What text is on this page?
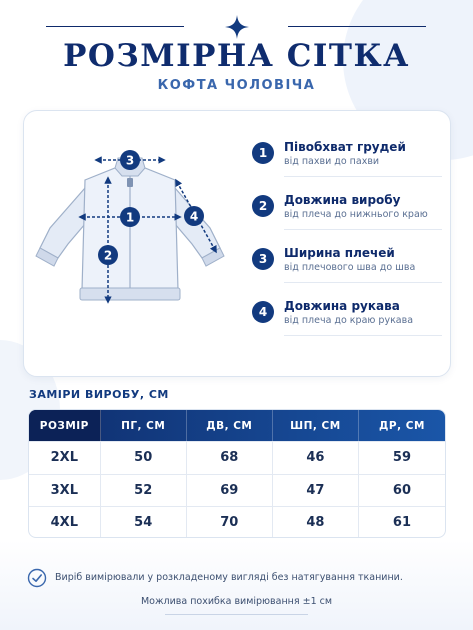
РОЗМІРНА СІТКА
КОФТА ЧОЛОВІЧА
3
1
2
4
1	Півобхват грудей
від пахви до пахви
2	Довжина виробу
від плеча до нижнього краю
3	Ширина плечей
від плечового шва до шва
4	Довжина рукава
від плеча до краю рукава
ЗАМІРИ ВИРОБУ, СМ
РОЗМІР	ПГ, СМ	ДВ, СМ	ШП, СМ	ДР, СМ
2XL	50	68	46	59
3XL	52	69	47	60
4XL	54	70	48	61
Виріб вимірювали у розкладеному вигляді без натягування тканини.
Можлива похибка вимірювання ±1 см
